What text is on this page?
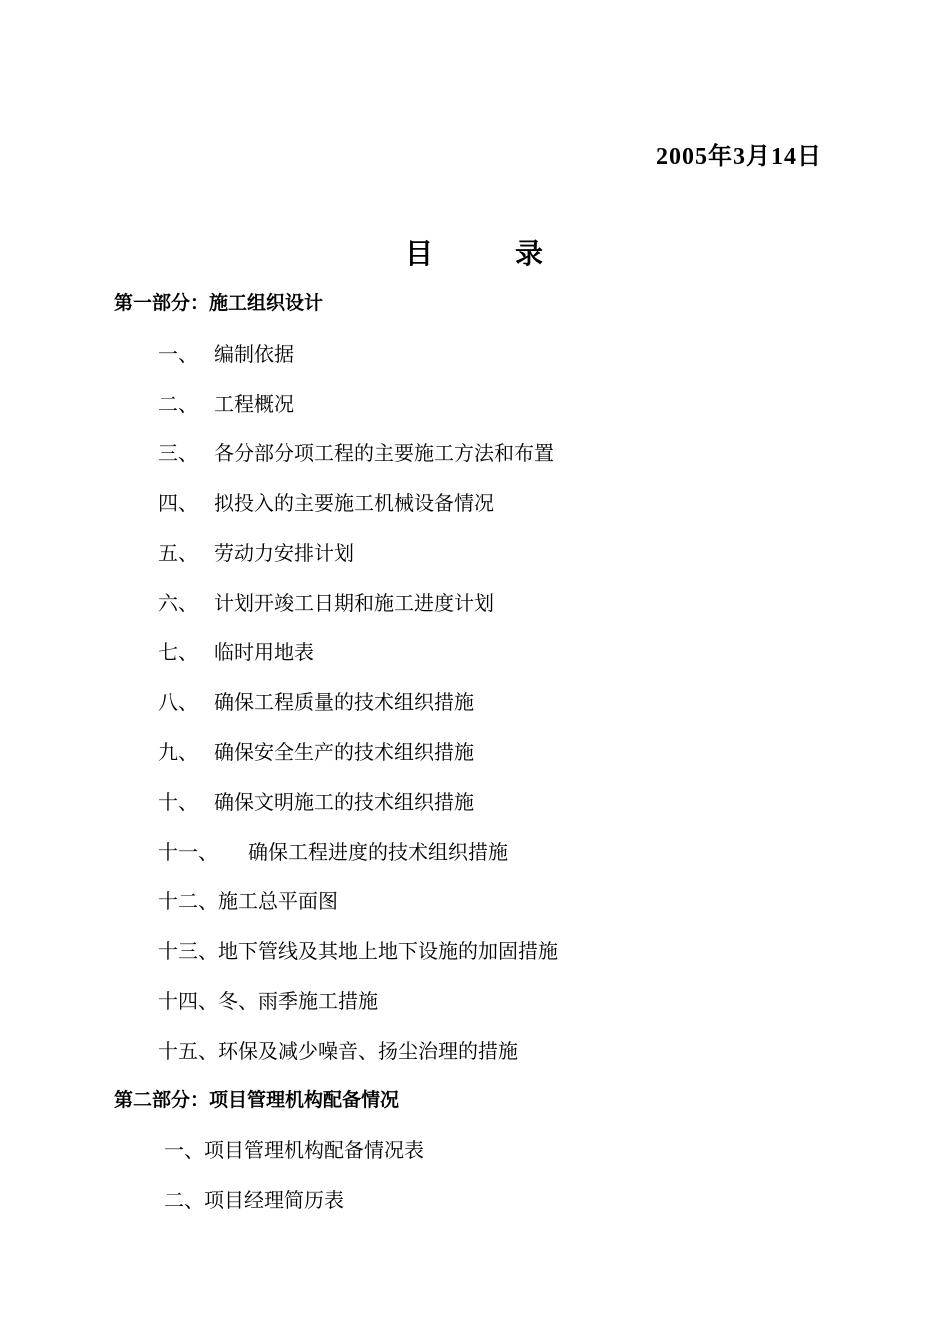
2005年3月14日
目	录
第一部分：施工组织设计
一、 编制依据
二、 工程概况
三、 各分部分项工程的主要施工方法和布置
四、 拟投入的主要施工机械设备情况
五、 劳动力安排计划
六、 计划开竣工日期和施工进度计划
七、 临时用地表
八、 确保工程质量的技术组织措施
九、 确保安全生产的技术组织措施
十、 确保文明施工的技术组织措施
十一、 确保工程进度的技术组织措施
十二、施工总平面图
十三、地下管线及其地上地下设施的加固措施
十四、冬、雨季施工措施
十五、环保及减少噪音、扬尘治理的措施
第二部分：项目管理机构配备情况
一、项目管理机构配备情况表
二、项目经理简历表
